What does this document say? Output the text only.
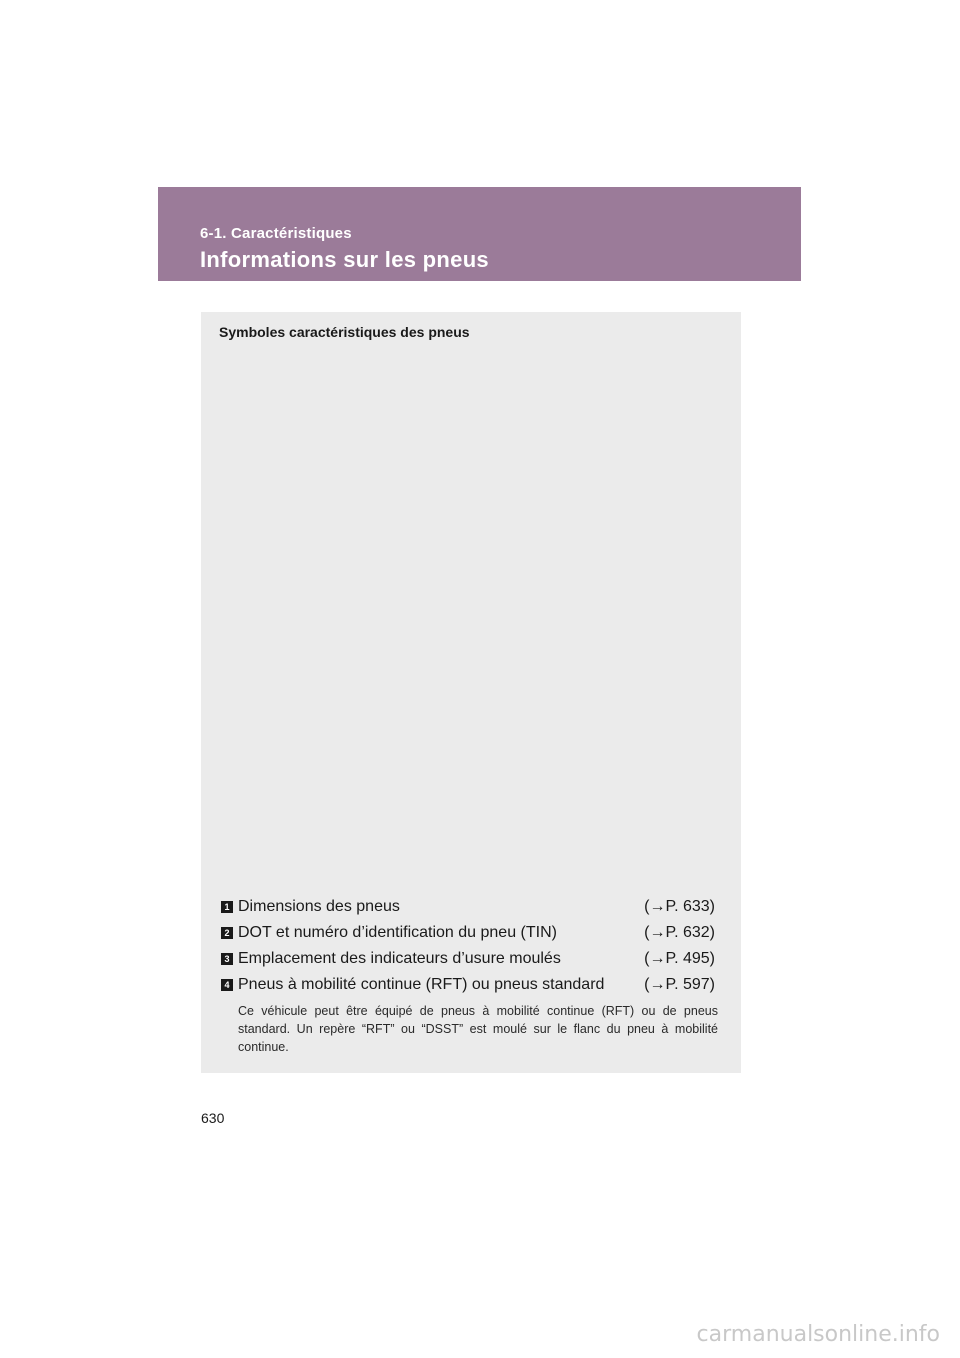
6-1. Caractéristiques
Informations sur les pneus
Symboles caractéristiques des pneus
1 Dimensions des pneus	(→P. 633)
2 DOT et numéro d’identification du pneu (TIN)	(→P. 632)
3 Emplacement des indicateurs d’usure moulés	(→P. 495)
4 Pneus à mobilité continue (RFT) ou pneus standard (→P. 597)
Ce véhicule peut être équipé de pneus à mobilité continue (RFT) ou de pneus standard. Un repère “RFT” ou “DSST” est moulé sur le flanc du pneu à mobilité continue.
630
carmanualsonline.info
